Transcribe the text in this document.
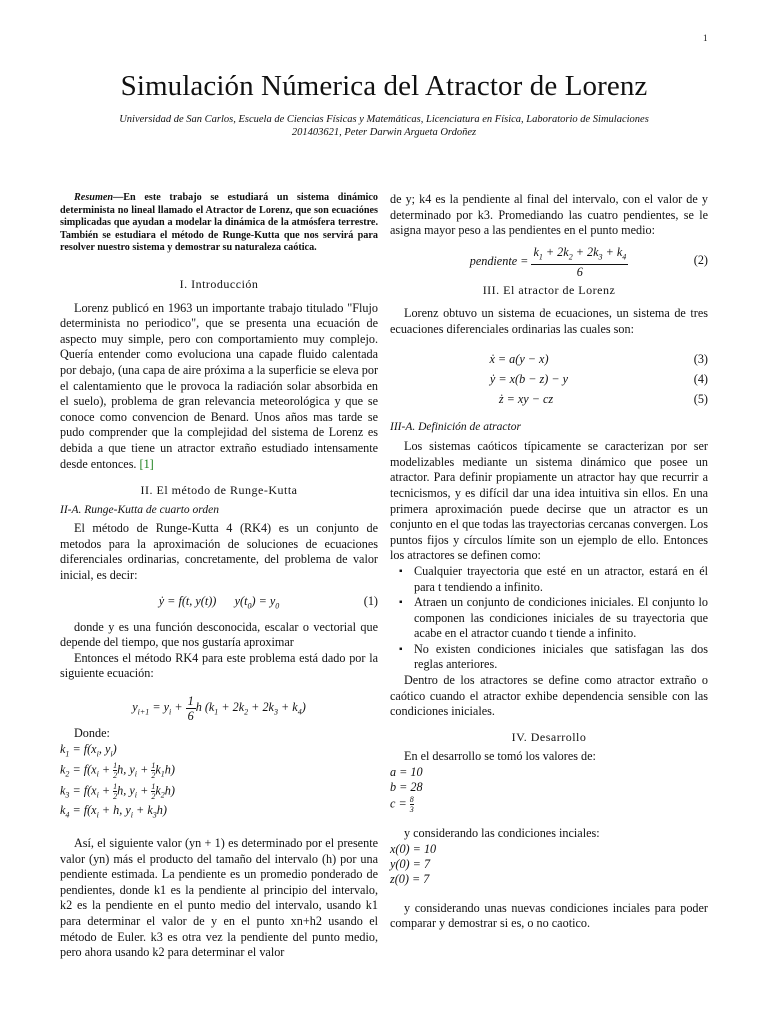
1
Simulación Númerica del Atractor de Lorenz
Universidad de San Carlos, Escuela de Ciencias Físicas y Matemáticas, Licenciatura en Física, Laboratorio de Simulaciones
201403621, Peter Darwin Argueta Ordoñez

Resumen—En este trabajo se estudiará un sistema dinámico determinista no lineal llamado el Atractor de Lorenz, que son ecuaciónes simplicadas que ayudan a modelar la dinámica de la atmósfera terrestre. También se estudiara el método de Runge-Kutta que nos servirá para resolver nuestro sistema y demostrar su naturaleza caótica.

I. Introducción

Lorenz publicó en 1963 un importante trabajo titulado "Flujo determinista no periodico", que se presenta una ecuación de aspecto muy simple, pero con comportamiento muy complejo. Quería entender como evoluciona una capade fluido calentada por debajo, (una capa de aire próxima a la superficie se eleva por el calentamiento que le provoca la radiación solar absorbida en el suelo), problema de gran relevancia meteorológica y que se conoce como convencion de Benard. Unos años mas tarde se pudo comprender que la complejidad del sistema de Lorenz es debida a que tiene un atractor extraño estudiado intensamente desde entonces. [1]

II. El método de Runge-Kutta

II-A. Runge-Kutta de cuarto orden

El método de Runge-Kutta 4 (RK4) es un conjunto de metodos para la aproximación de soluciones de ecuaciones diferenciales ordinarias, concretamente, del problema de valor inicial, es decir:

ẏ = f(t, y(t))      $y(t_0) = y_0$	(1)

donde y es una función desconocida, escalar o vectorial que depende del tiempo, que nos gustaría aproximar

Entonces el método RK4 para este problema está dado por la siguiente ecuación:

$y_{i+1} = y_i + \frac{1}{6}$ h $(k_1 + 2k_2 + 2k_3 + k_4)$

Donde:

$k_1 = f(x_i$, $y_i$)
$k_2 = f(x_i + \frac{1}{2} h$, $y_i + \frac{1}{2} k_1h$)
$k_3 = f(x_i + \frac{1}{2} h$, $y_i + \frac{1}{2} k_2h$)
$k_4 = f(x_i + h$, $y_i + k_3h$)

Así, el siguiente valor (yn + 1) es determinado por el presente valor (yn) más el producto del tamaño del intervalo (h) por una pendiente estimada. La pendiente es un promedio ponderado de pendientes, donde k1 es la pendiente al principio del intervalo, k2 es la pendiente en el punto medio del intervalo, usando k1 para determinar el valor de y en el punto xn+h2 usando el método de Euler. k3 es otra vez la pendiente del punto medio, pero ahora usando k2 para determinar el valor

de y; k4 es la pendiente al final del intervalo, con el valor de y determinado por k3. Promediando las cuatro pendientes, se le asigna mayor peso a las pendientes en el punto medio:

pendiente = $\frac{k_1 + 2k_2 + 2k_3 + k_4}{6}$	(2)

III. El atractor de Lorenz

Lorenz obtuvo un sistema de ecuaciones, un sistema de tres ecuaciones diferenciales ordinarias las cuales son:

ẋ = a(y − x)	(3)
ẏ = x(b − z) − y	(4)
ż = xy − cz	(5)

III-A. Definición de atractor

Los sistemas caóticos típicamente se caracterizan por ser modelizables mediante un sistema dinámico que posee un atractor. Para definir propiamente un atractor hay que recurrir a tecnicismos, y es difícil dar una idea intuitiva sin ellos. En una primera aproximación puede decirse que un atractor es un conjunto en el que todas las trayectorias cercanas convergen. Los puntos fijos y círculos límite son un ejemplo de ello. Entonces los atractores se definen como:

▪ Cualquier trayectoria que esté en un atractor, estará en él para t tendiendo a infinito.
▪ Atraen un conjunto de condiciones iniciales. El conjunto lo componen las condiciones iniciales de su trayectoria que acabe en el atractor cuando t tiende a infinito.
▪ No existen condiciones iniciales que satisfagan las dos reglas anteriores.

Dentro de los atractores se define como atractor extraño o caótico cuando el atractor exhibe dependencia sensible con las condiciones iniciales.

IV. Desarrollo

En el desarrollo se tomó los valores de:

a = 10
b = 28
$c = \frac{8}{3}$

y considerando las condiciones inciales:

x(0) = 10
y(0) = 7
z(0) = 7

y considerando unas nuevas condiciones inciales para poder comparar y demostrar si es, o no caotico.
